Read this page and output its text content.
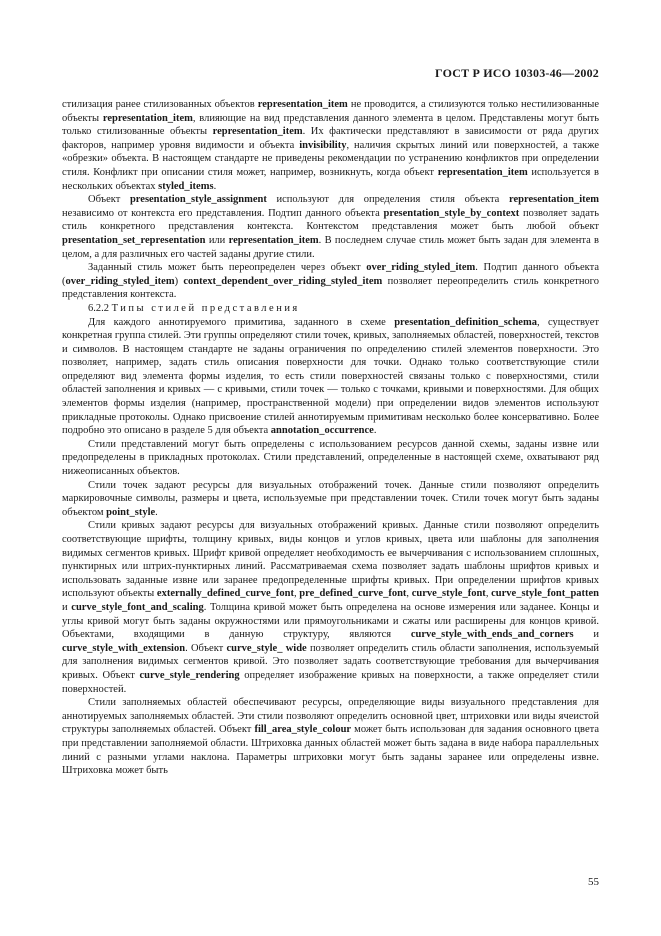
ГОСТ Р ИСО 10303-46—2002

стилизация ранее стилизованных объектов representation_item не проводится, а стилизуются только нестилизованные объекты representation_item, влияющие на вид представления данного элемента в целом. Представлены могут быть только стилизованные объекты representation_item. Их фактически представляют в зависимости от ряда других факторов, например уровня видимости и объекта invisibility, наличия скрытых линий или поверхностей, а также «обрезки» объекта. В настоящем стандарте не приведены рекомендации по устранению конфликтов при определении стиля. Конфликт при описании стиля может, например, возникнуть, когда объект representation_item используется в нескольких объектах styled_items.

Объект presentation_style_assignment используют для определения стиля объекта representation_item независимо от контекста его представления. Подтип данного объекта presentation_style_by_context позволяет задать стиль конкретного представления контекста. Контекстом представления может быть любой объект presentation_set_representation или representation_item. В последнем случае стиль может быть задан для элемента в целом, а для различных его частей заданы другие стили.

Заданный стиль может быть переопределен через объект over_riding_styled_item. Подтип данного объекта (over_riding_styled_item) context_dependent_over_riding_styled_item позволяет переопределить стиль конкретного представления контекста.

6.2.2 Типы стилей представления

Для каждого аннотируемого примитива, заданного в схеме presentation_definition_schema, существует конкретная группа стилей. Эти группы определяют стили точек, кривых, заполняемых областей, поверхностей, текстов и символов. В настоящем стандарте не заданы ограничения по определению стилей элементов поверхности. Это позволяет, например, задать стиль описания поверхности для точки. Однако только соответствующие стили определяют вид элемента формы изделия, то есть стили поверхностей связаны только с поверхностями, стили областей заполнения и кривых — с кривыми, стили точек — только с точками, кривыми и поверхностями. Для общих элементов формы изделия (например, пространственной модели) при определении видов элементов используют прикладные протоколы. Однако присвоение стилей аннотируемым примитивам несколько более консервативно. Более подробно это описано в разделе 5 для объекта annotation_occurrence.

Стили представлений могут быть определены с использованием ресурсов данной схемы, заданы извне или предопределены в прикладных протоколах. Стили представлений, определенные в настоящей схеме, охватывают ряд нижеописанных объектов.

Стили точек задают ресурсы для визуальных отображений точек. Данные стили позволяют определить маркировочные символы, размеры и цвета, используемые при представлении точек. Стили точек могут быть заданы объектом point_style.

Стили кривых задают ресурсы для визуальных отображений кривых. Данные стили позволяют определить соответствующие шрифты, толщину кривых, виды концов и углов кривых, цвета или шаблоны для заполнения видимых сегментов кривых. Шрифт кривой определяет необходимость ее вычерчивания с использованием сплошных, пунктирных или штрих-пунктирных линий. Рассматриваемая схема позволяет задать шаблоны шрифтов кривых и использовать заданные извне или заранее предопределенные шрифты кривых. При определении шрифтов кривых используют объекты externally_defined_curve_font, pre_defined_curve_font, curve_style_font, curve_style_font_patten и curve_style_font_and_scaling. Толщина кривой может быть определена на основе измерения или заданее. Концы и углы кривой могут быть заданы окружностями или прямоугольниками и сжаты или расширены для концов кривой. Объектами, входящими в данную структуру, являются curve_style_with_ends_and_corners и curve_style_with_extension. Объект curve_style_ wide позволяет определить стиль области заполнения, используемый для заполнения видимых сегментов кривой. Это позволяет задать соответствующие требования для вычерчивания кривых. Объект curve_style_rendering определяет изображение кривых на поверхности, а также определяет стили поверхностей.

Стили заполняемых областей обеспечивают ресурсы, определяющие виды визуального представления для аннотируемых заполняемых областей. Эти стили позволяют определить основной цвет, штриховки или виды ячеистой структуры заполняемых областей. Объект fill_area_style_colour может быть использован для задания основного цвета при представлении заполняемой области. Штриховка данных областей может быть задана в виде набора параллельных линий с разными углами наклона. Параметры штриховки могут быть заданы заранее или определены извне. Штриховка может быть

55
